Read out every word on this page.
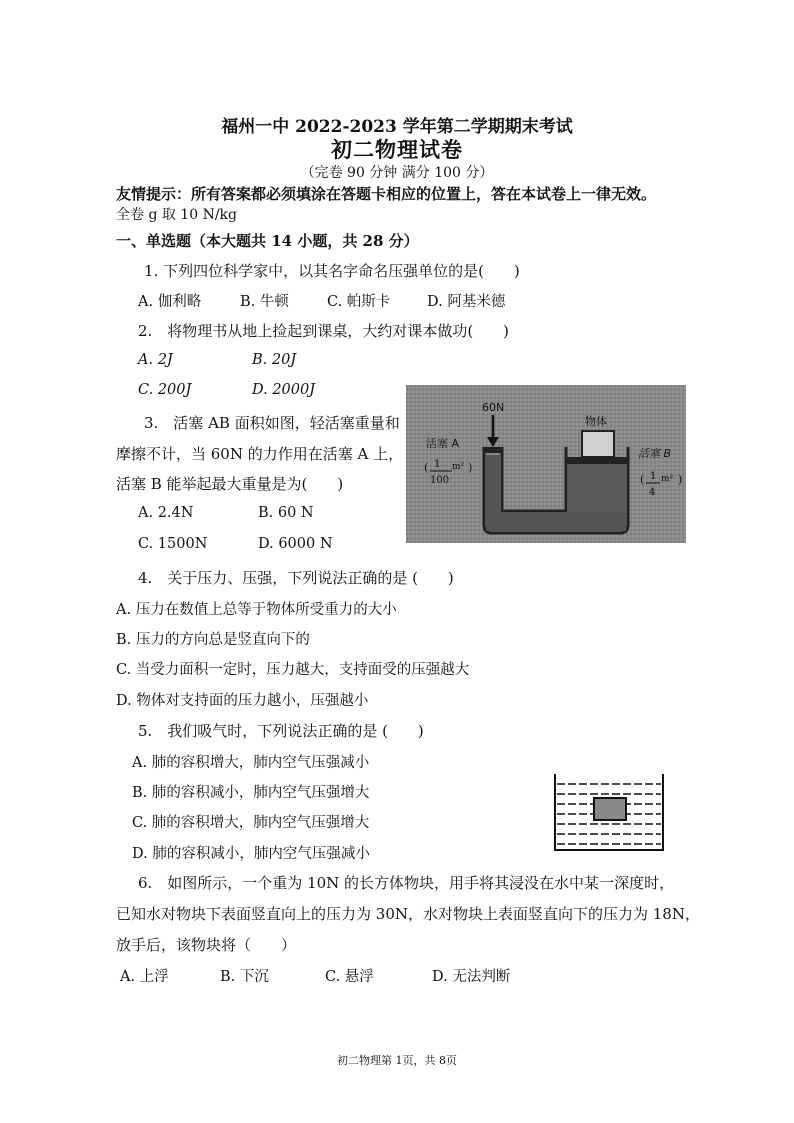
福州一中 2022-2023 学年第二学期期末考试
初二物理试卷
（完卷 90 分钟 满分 100 分）
友情提示：所有答案都必须填涂在答题卡相应的位置上，答在本试卷上一律无效。
全卷 g 取 10 N/kg
一、单选题（本大题共 14 小题，共 28 分）
1. 下列四位科学家中，以其名字命名压强单位的是(　　)
A. 伽利略	B. 牛顿	C. 帕斯卡	D. 阿基米德
2.　将物理书从地上捡起到课桌，大约对课本做功(　　)
A. 2J	B. 20J
C. 200J	D. 2000J
3.　活塞 AB 面积如图，轻活塞重量和
摩擦不计，当 60N 的力作用在活塞 A 上，
活塞 B 能举起最大重量是为(　　)
A. 2.4N	B. 60 N
C. 1500N	D. 6000 N
60N
物体
活塞 A
活塞 B
( 1
100
m² )
( 1
4
m² )
4.　关于压力、压强，下列说法正确的是 (　　)
A. 压力在数值上总等于物体所受重力的大小
B. 压力的方向总是竖直向下的
C. 当受力面积一定时，压力越大，支持面受的压强越大
D. 物体对支持面的压力越小，压强越小
5.　我们吸气时，下列说法正确的是 (　　)
A. 肺的容积增大，肺内空气压强减小
B. 肺的容积减小，肺内空气压强增大
C. 肺的容积增大，肺内空气压强增大
D. 肺的容积减小，肺内空气压强减小
6.　如图所示，一个重为 10N 的长方体物块，用手将其浸没在水中某一深度时，
已知水对物块下表面竖直向上的压力为 30N，水对物块上表面竖直向下的压力为 18N，
放手后，该物块将（　　）
A. 上浮	B. 下沉	C. 悬浮	D. 无法判断
初二物理第 1页，共 8页
